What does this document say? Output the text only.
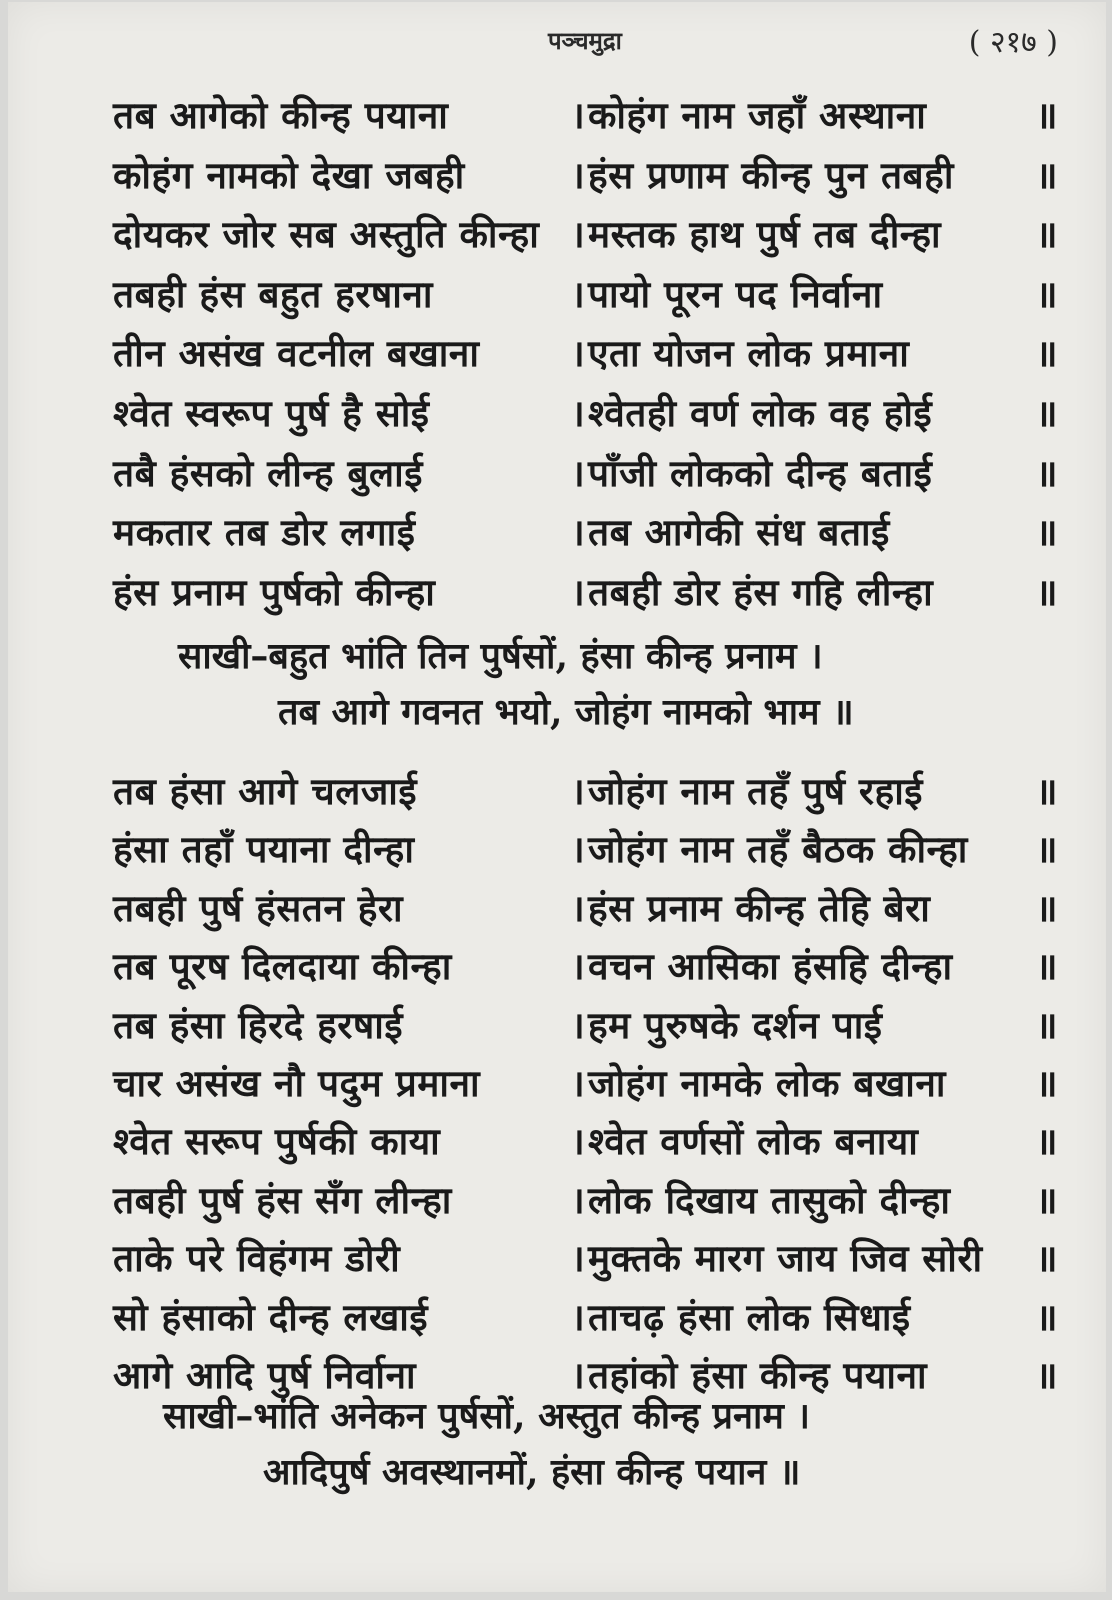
पञ्चमुद्रा	( २१७ )
तब आगेको कीन्ह पयाना	। कोहंग नाम जहाँ अस्थाना	॥
कोहंग नामको देखा जबही	। हंस प्रणाम कीन्ह पुन तबही	॥
दोयकर जोर सब अस्तुति कीन्हा । मस्तक हाथ पुर्ष तब दीन्हा	॥
तबही हंस बहुत हरषाना	। पायो पूरन पद निर्वाना	॥
तीन असंख वटनील बखाना	। एता योजन लोक प्रमाना	॥
श्वेत स्वरूप पुर्ष है सोई	। श्वेतही वर्ण लोक वह होई	॥
तबै हंसको लीन्ह बुलाई	। पाँजी लोकको दीन्ह बताई	॥
मकतार तब डोर लगाई	। तब आगेकी संध बताई	॥
हंस प्रनाम पुर्षको कीन्हा	। तबही डोर हंस गहि लीन्हा	॥
साखी–बहुत भांति तिन पुर्षसों, हंसा कीन्ह प्रनाम ।
तब आगे गवनत भयो, जोहंग नामको भाम ॥
तब हंसा आगे चलजाई	। जोहंग नाम तहँ पुर्ष रहाई	॥
हंसा तहाँ पयाना दीन्हा	। जोहंग नाम तहँ बैठक कीन्हा	॥
तबही पुर्ष हंसतन हेरा	। हंस प्रनाम कीन्ह तेहि बेरा	॥
तब पूरष दिलदाया कीन्हा	। वचन आसिका हंसहि दीन्हा	॥
तब हंसा हिरदे हरषाई	। हम पुरुषके दर्शन पाई	॥
चार असंख नौ पदुम प्रमाना	। जोहंग नामके लोक बखाना	॥
श्वेत सरूप पुर्षकी काया	। श्वेत वर्णसों लोक बनाया	॥
तबही पुर्ष हंस सँग लीन्हा	। लोक दिखाय तासुको दीन्हा	॥
ताके परे विहंगम डोरी	। मुक्तके मारग जाय जिव सोरी	॥
सो हंसाको दीन्ह लखाई	। ताचढ़ हंसा लोक सिधाई	॥
आगे आदि पुर्ष निर्वाना	। तहांको हंसा कीन्ह पयाना	॥
साखी–भांति अनेकन पुर्षसों, अस्तुत कीन्ह प्रनाम ।
आदिपुर्ष अवस्थानमों, हंसा कीन्ह पयान ॥
